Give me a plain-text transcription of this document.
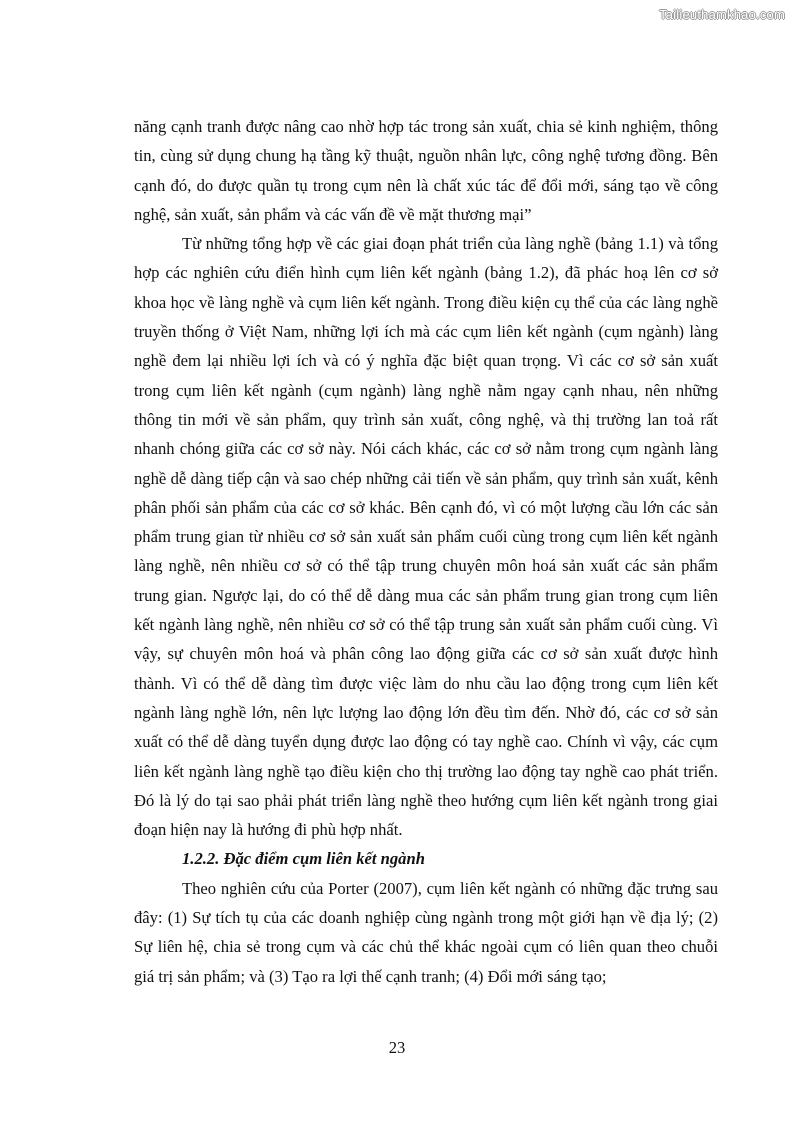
Tailieuthamkhao.com

năng cạnh tranh được nâng cao nhờ hợp tác trong sản xuất, chia sẻ kinh nghiệm, thông tin, cùng sử dụng chung hạ tầng kỹ thuật, nguồn nhân lực, công nghệ tương đồng. Bên cạnh đó, do được quần tụ trong cụm nên là chất xúc tác để đổi mới, sáng tạo về công nghệ, sản xuất, sản phẩm và các vấn đề về mặt thương mại”

Từ những tổng hợp về các giai đoạn phát triển của làng nghề (bảng 1.1) và tổng hợp các nghiên cứu điển hình cụm liên kết ngành (bảng 1.2), đã phác hoạ lên cơ sở khoa học về làng nghề và cụm liên kết ngành. Trong điều kiện cụ thể của các làng nghề truyền thống ở Việt Nam, những lợi ích mà các cụm liên kết ngành (cụm ngành) làng nghề đem lại nhiều lợi ích và có ý nghĩa đặc biệt quan trọng. Vì các cơ sở sản xuất trong cụm liên kết ngành (cụm ngành) làng nghề nằm ngay cạnh nhau, nên những thông tin mới về sản phẩm, quy trình sản xuất, công nghệ, và thị trường lan toả rất nhanh chóng giữa các cơ sở này. Nói cách khác, các cơ sở nằm trong cụm ngành làng nghề dễ dàng tiếp cận và sao chép những cải tiến về sản phẩm, quy trình sản xuất, kênh phân phối sản phẩm của các cơ sở khác. Bên cạnh đó, vì có một lượng cầu lớn các sản phẩm trung gian từ nhiều cơ sở sản xuất sản phẩm cuối cùng trong cụm liên kết ngành làng nghề, nên nhiều cơ sở có thể tập trung chuyên môn hoá sản xuất các sản phẩm trung gian. Ngược lại, do có thể dễ dàng mua các sản phẩm trung gian trong cụm liên kết ngành làng nghề, nên nhiều cơ sở có thể tập trung sản xuất sản phẩm cuối cùng. Vì vậy, sự chuyên môn hoá và phân công lao động giữa các cơ sở sản xuất được hình thành. Vì có thể dễ dàng tìm được việc làm do nhu cầu lao động trong cụm liên kết ngành làng nghề lớn, nên lực lượng lao động lớn đều tìm đến. Nhờ đó, các cơ sở sản xuất có thể dễ dàng tuyển dụng được lao động có tay nghề cao. Chính vì vậy, các cụm liên kết ngành làng nghề tạo điều kiện cho thị trường lao động tay nghề cao phát triển. Đó là lý do tại sao phải phát triển làng nghề theo hướng cụm liên kết ngành trong giai đoạn hiện nay là hướng đi phù hợp nhất.

1.2.2. Đặc điểm cụm liên kết ngành

Theo nghiên cứu của Porter (2007), cụm liên kết ngành có những đặc trưng sau đây: (1) Sự tích tụ của các doanh nghiệp cùng ngành trong một giới hạn về địa lý; (2) Sự liên hệ, chia sẻ trong cụm và các chủ thể khác ngoài cụm có liên quan theo chuỗi giá trị sản phẩm; và (3) Tạo ra lợi thế cạnh tranh; (4) Đổi mới sáng tạo;

23
